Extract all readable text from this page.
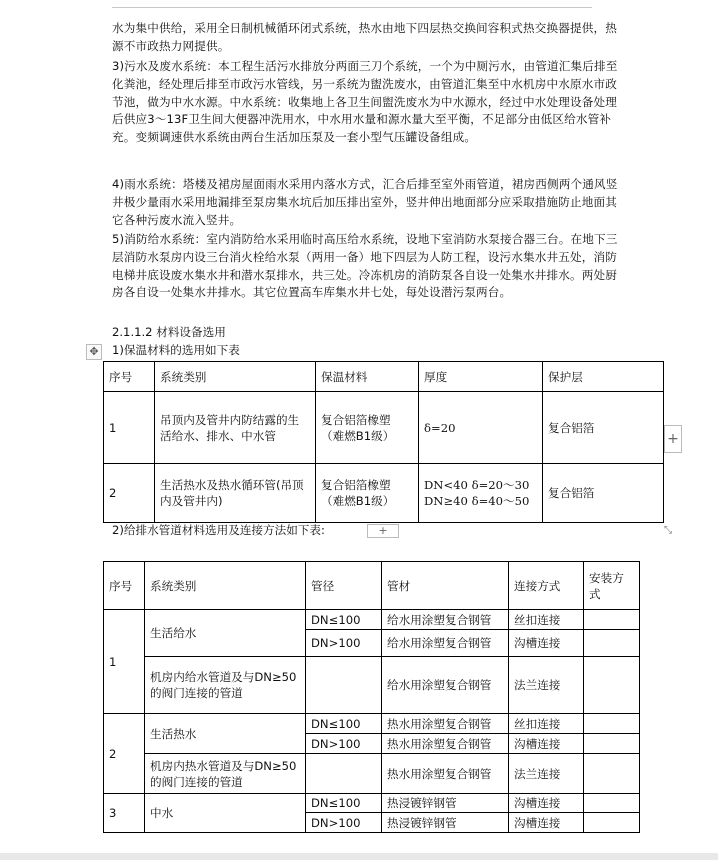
水为集中供给，采用全日制机械循环闭式系统，热水由地下四层热交换间容积式热交换器提供，热源不市政热力网提供。

3)污水及废水系统：本工程生活污水排放分两面三刀个系统，一个为中厕污水，由管道汇集后排至化粪池，经处理后排至市政污水管线，另一系统为盥洗废水，由管道汇集至中水机房中水原水市政节池，做为中水水源。中水系统：收集地上各卫生间盥洗废水为中水源水，经过中水处理设备处理后供应3～13F卫生间大便器冲洗用水，中水用水量和源水量大至平衡，不足部分由低区给水管补充。变频调速供水系统由两台生活加压泵及一套小型气压罐设备组成。

4)雨水系统：塔楼及裙房屋面雨水采用内落水方式，汇合后排至室外雨管道，裙房西侧两个通风竖井极少量雨水采用地漏排至泵房集水坑后加压排出室外，竖井伸出地面部分应采取措施防止地面其它各种污废水流入竖井。

5)消防给水系统：室内消防给水采用临时高压给水系统，设地下室消防水泵接合器三台。在地下三层消防水泵房内设三台消火栓给水泵（两用一备）地下四层为人防工程，设污水集水井五处，消防电梯井底设废水集水井和潜水泵排水，共三处。冷冻机房的消防泵各自设一处集水井排水。两处厨房各自设一处集水井排水。其它位置高车库集水井七处，每处设潜污泵两台。

2.1.1.2 材料设备选用
✥ 1)保温材料的选用如下表
序号	系统类别	保温材料	厚度	保护层
1	吊顶内及管井内防结露的生活给水、排水、中水管	复合铝箔橡塑（难燃B1级）	δ=20	复合铝箔
2	生活热水及热水循环管(吊顶内及管井内)	复合铝箔橡塑（难燃B1级）	DN<40 δ=20～30
DN≥40 δ=40～50	复合铝箔
+
2)给排水管道材料选用及连接方法如下表:	+	⤡
序号	系统类别	管径	管材	连接方式	安装方式
1	生活给水	DN≤100	给水用涂塑复合钢管	丝扣连接	
		DN>100	给水用涂塑复合钢管	沟槽连接	
	机房内给水管道及与DN≥50的阀门连接的管道		给水用涂塑复合钢管	法兰连接	
2	生活热水	DN≤100	热水用涂塑复合钢管	丝扣连接	
		DN>100	热水用涂塑复合钢管	沟槽连接	
	机房内热水管道及与DN≥50的阀门连接的管道		热水用涂塑复合钢管	法兰连接	
3	中水	DN≤100	热浸镀锌钢管	沟槽连接	
		DN>100	热浸镀锌钢管	沟槽连接	
